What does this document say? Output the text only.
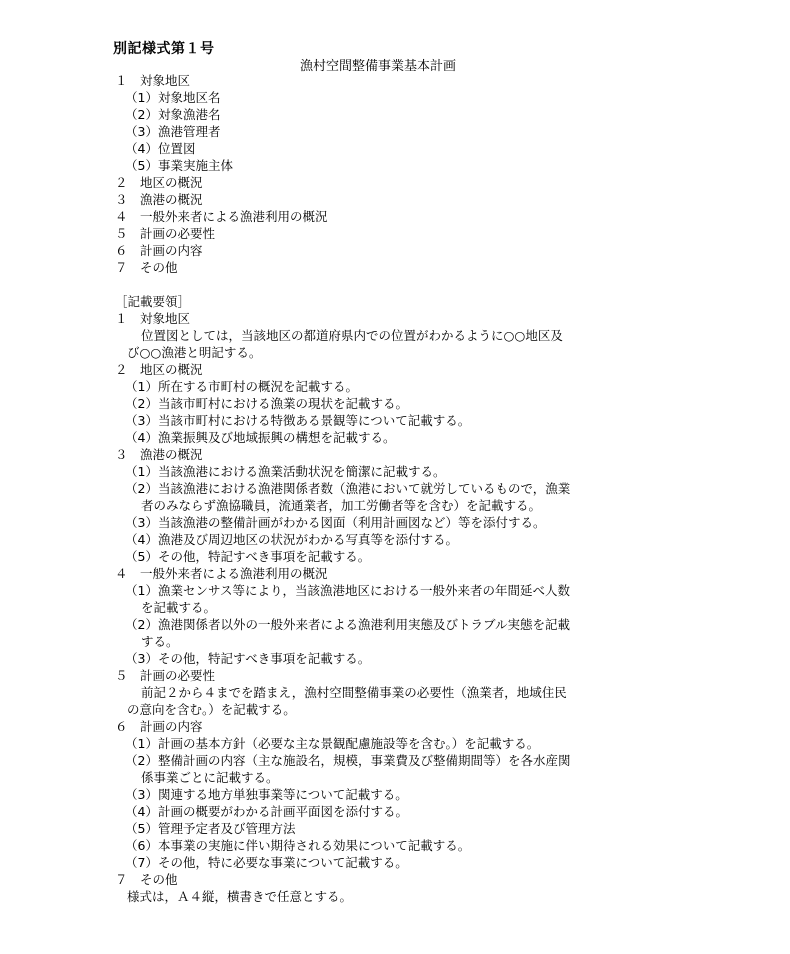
別記様式第１号
漁村空間整備事業基本計画
１　対象地区
（1）対象地区名
（2）対象漁港名
（3）漁港管理者
（4）位置図
（5）事業実施主体
２　地区の概況
３　漁港の概況
４　一般外来者による漁港利用の概況
５　計画の必要性
６　計画の内容
７　その他
［記載要領］
１　対象地区
位置図としては，当該地区の都道府県内での位置がわかるように○○地区及
び○○漁港と明記する。
２　地区の概況
（1）所在する市町村の概況を記載する。
（2）当該市町村における漁業の現状を記載する。
（3）当該市町村における特徴ある景観等について記載する。
（4）漁業振興及び地域振興の構想を記載する。
３　漁港の概況
（1）当該漁港における漁業活動状況を簡潔に記載する。
（2）当該漁港における漁港関係者数（漁港において就労しているもので，漁業
者のみならず漁協職員，流通業者，加工労働者等を含む）を記載する。
（3）当該漁港の整備計画がわかる図面（利用計画図など）等を添付する。
（4）漁港及び周辺地区の状況がわかる写真等を添付する。
（5）その他，特記すべき事項を記載する。
４　一般外来者による漁港利用の概況
（1）漁業センサス等により，当該漁港地区における一般外来者の年間延べ人数
を記載する。
（2）漁港関係者以外の一般外来者による漁港利用実態及びトラブル実態を記載
する。
（3）その他，特記すべき事項を記載する。
５　計画の必要性
前記２から４までを踏まえ，漁村空間整備事業の必要性（漁業者，地域住民
の意向を含む。）を記載する。
６　計画の内容
（1）計画の基本方針（必要な主な景観配慮施設等を含む。）を記載する。
（2）整備計画の内容（主な施設名，規模，事業費及び整備期間等）を各水産関
係事業ごとに記載する。
（3）関連する地方単独事業等について記載する。
（4）計画の概要がわかる計画平面図を添付する。
（5）管理予定者及び管理方法
（6）本事業の実施に伴い期待される効果について記載する。
（7）その他，特に必要な事業について記載する。
７　その他
様式は，Ａ４縦，横書きで任意とする。
